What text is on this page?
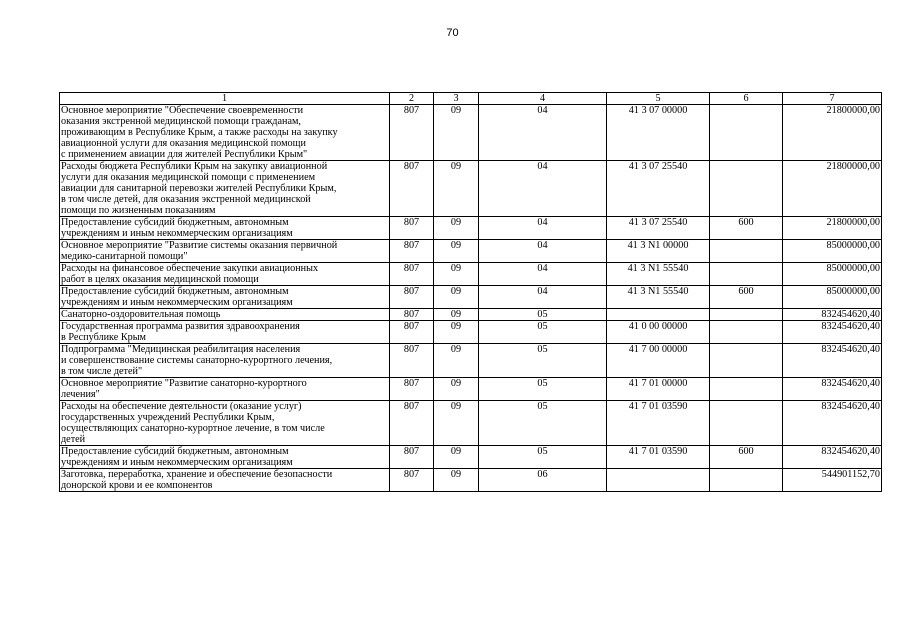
70
1	2	3	4	5	6	7
Основное мероприятие "Обеспечение своевременности
оказания экстренной медицинской помощи гражданам,
проживающим в Республике Крым, а также расходы на закупку
авиационной услуги для оказания медицинской помощи
с применением авиации для жителей Республики Крым"	807	09	04	41 3 07 00000		21800000,00
Расходы бюджета Республики Крым на закупку авиационной
услуги для оказания медицинской помощи с применением
авиации для санитарной перевозки жителей Республики Крым,
в том числе детей, для оказания экстренной медицинской
помощи по жизненным показаниям	807	09	04	41 3 07 25540		21800000,00
Предоставление субсидий бюджетным, автономным
учреждениям и иным некоммерческим организациям	807	09	04	41 3 07 25540	600	21800000,00
Основное мероприятие "Развитие системы оказания первичной
медико-санитарной помощи"	807	09	04	41 3 N1 00000		85000000,00
Расходы на финансовое обеспечение закупки авиационных
работ в целях оказания медицинской помощи	807	09	04	41 3 N1 55540		85000000,00
Предоставление субсидий бюджетным, автономным
учреждениям и иным некоммерческим организациям	807	09	04	41 3 N1 55540	600	85000000,00
Санаторно-оздоровительная помощь	807	09	05			832454620,40
Государственная программа развития здравоохранения
в Республике Крым	807	09	05	41 0 00 00000		832454620,40
Подпрограмма "Медицинская реабилитация населения
и совершенствование системы санаторно-курортного лечения,
в том числе детей"	807	09	05	41 7 00 00000		832454620,40
Основное мероприятие "Развитие санаторно-курортного
лечения"	807	09	05	41 7 01 00000		832454620,40
Расходы на обеспечение деятельности (оказание услуг)
государственных учреждений Республики Крым,
осуществляющих санаторно-курортное лечение, в том числе
детей	807	09	05	41 7 01 03590		832454620,40
Предоставление субсидий бюджетным, автономным
учреждениям и иным некоммерческим организациям	807	09	05	41 7 01 03590	600	832454620,40
Заготовка, переработка, хранение и обеспечение безопасности
донорской крови и ее компонентов	807	09	06			544901152,70
